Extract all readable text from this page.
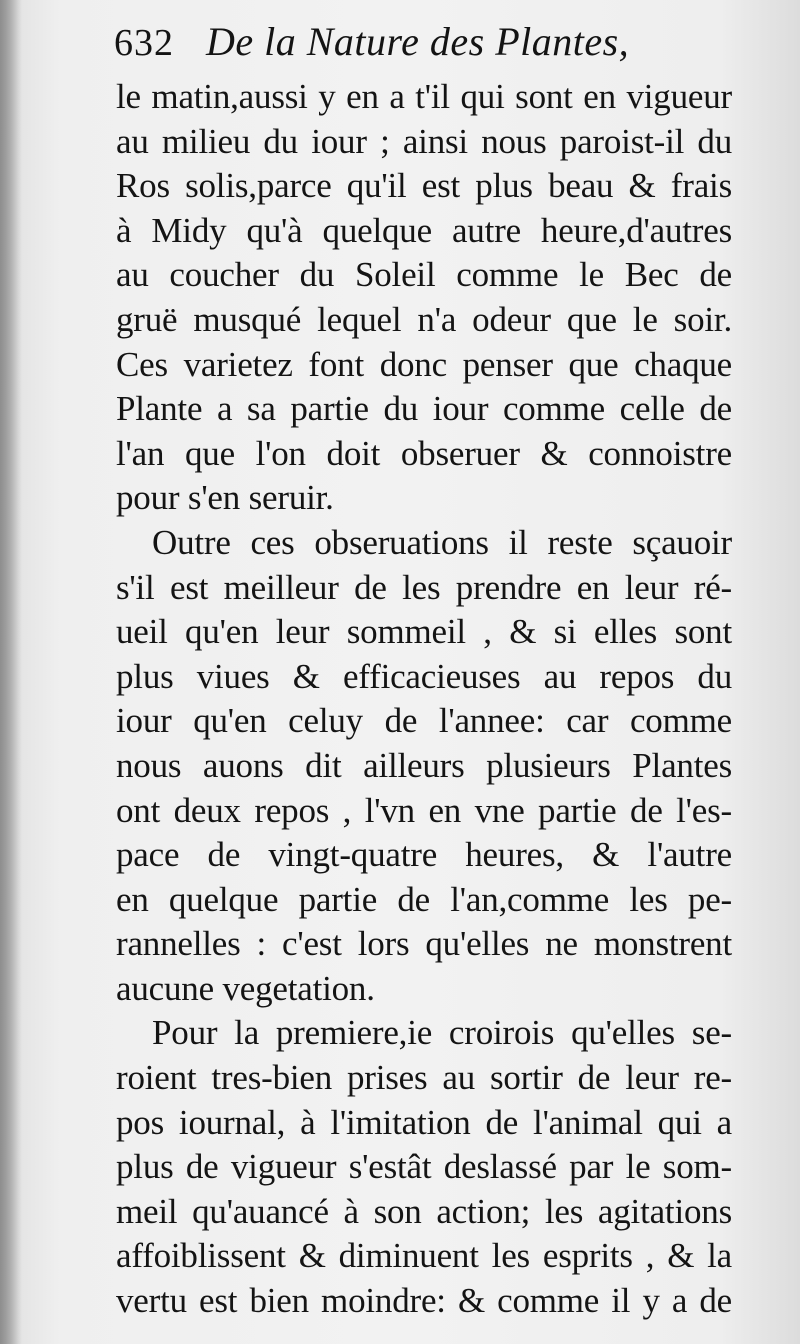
632 De la Nature des Plantes,
le matin,aussi y en a t'il qui sont en vigueur
au milieu du iour ; ainsi nous paroist-il du
Ros solis,parce qu'il est plus beau & frais
à Midy qu'à quelque autre heure,d'autres
au coucher du Soleil comme le Bec de
gruë musqué lequel n'a odeur que le soir.
Ces varietez font donc penser que chaque
Plante a sa partie du iour comme celle de
l'an que l'on doit obseruer & connoistre
pour s'en seruir.
Outre ces obseruations il reste sçauoir
s'il est meilleur de les prendre en leur ré-
ueil qu'en leur sommeil , & si elles sont
plus viues & efficacieuses au repos du
iour qu'en celuy de l'annee: car comme
nous auons dit ailleurs plusieurs Plantes
ont deux repos , l'vn en vne partie de l'es-
pace de vingt-quatre heures, & l'autre
en quelque partie de l'an,comme les pe-
rannelles : c'est lors qu'elles ne monstrent
aucune vegetation.
Pour la premiere,ie croirois qu'elles se-
roient tres-bien prises au sortir de leur re-
pos iournal, à l'imitation de l'animal qui a
plus de vigueur s'estât deslassé par le som-
meil qu'auancé à son action; les agitations
affoiblissent & diminuent les esprits , & la
vertu est bien moindre: & comme il y a de
